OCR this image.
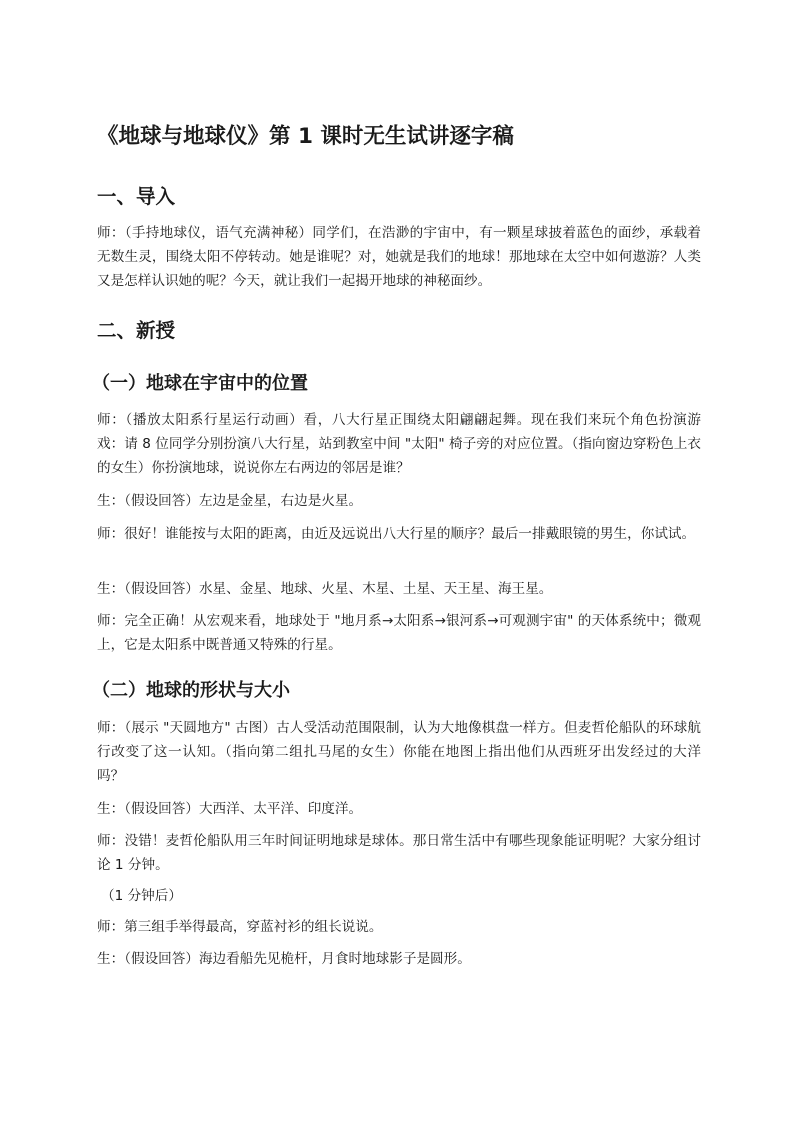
《地球与地球仪》第 1 课时无生试讲逐字稿
一、导入

师：（手持地球仪，语气充满神秘）同学们，在浩渺的宇宙中，有一颗星球披着蓝色的面纱，承载着无数生灵，围绕太阳不停转动。她是谁呢？对，她就是我们的地球！那地球在太空中如何遨游？人类又是怎样认识她的呢？今天，就让我们一起揭开地球的神秘面纱。

二、新授
（一）地球在宇宙中的位置

师：（播放太阳系行星运行动画）看，八大行星正围绕太阳翩翩起舞。现在我们来玩个角色扮演游戏：请 8 位同学分别扮演八大行星，站到教室中间 "太阳" 椅子旁的对应位置。（指向窗边穿粉色上衣的女生）你扮演地球，说说你左右两边的邻居是谁？

生：（假设回答）左边是金星，右边是火星。

师：很好！谁能按与太阳的距离，由近及远说出八大行星的顺序？最后一排戴眼镜的男生，你试试。

生：（假设回答）水星、金星、地球、火星、木星、土星、天王星、海王星。

师：完全正确！从宏观来看，地球处于 "地月系→太阳系→银河系→可观测宇宙" 的天体系统中；微观上，它是太阳系中既普通又特殊的行星。

（二）地球的形状与大小

师：（展示 "天圆地方" 古图）古人受活动范围限制，认为大地像棋盘一样方。但麦哲伦船队的环球航行改变了这一认知。（指向第二组扎马尾的女生）你能在地图上指出他们从西班牙出发经过的大洋吗？

生：（假设回答）大西洋、太平洋、印度洋。

师：没错！麦哲伦船队用三年时间证明地球是球体。那日常生活中有哪些现象能证明呢？大家分组讨论 1 分钟。

（1 分钟后）

师：第三组手举得最高，穿蓝衬衫的组长说说。

生：（假设回答）海边看船先见桅杆，月食时地球影子是圆形。
